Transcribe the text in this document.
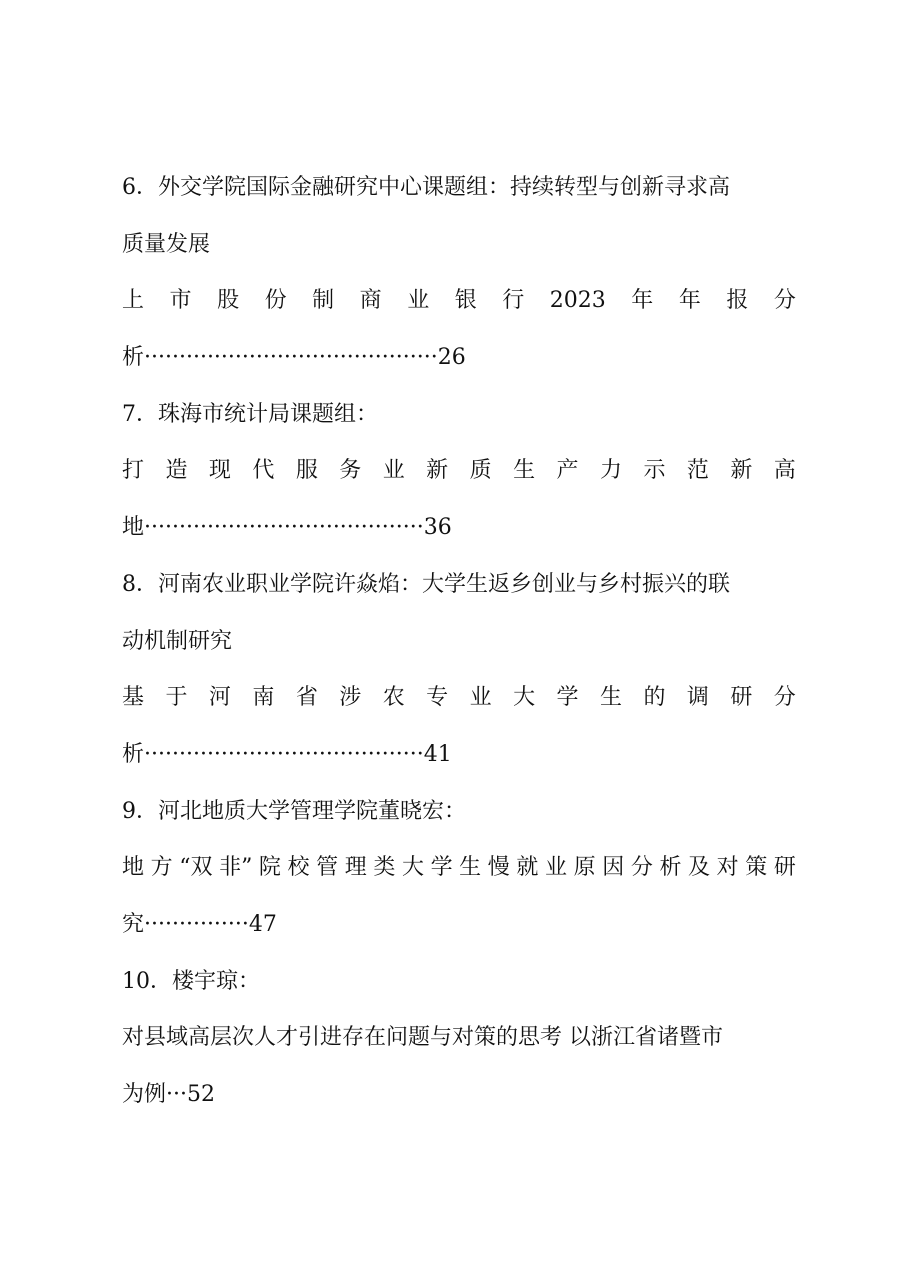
6．外交学院国际金融研究中心课题组：持续转型与创新寻求高
质量发展
上 市 股 份 制 商 业 银 行 2023 年 年 报 分
析··········································26
7．珠海市统计局课题组：
打 造 现 代 服 务 业 新 质 生 产 力 示 范 新 高
地········································36
8．河南农业职业学院许焱焰：大学生返乡创业与乡村振兴的联
动机制研究
基 于 河 南 省 涉 农 专 业 大 学 生 的 调 研 分
析········································41
9．河北地质大学管理学院董晓宏：
地 方 “双 非” 院 校 管 理 类 大 学 生 慢 就 业 原 因 分 析 及 对 策 研
究···············47
10．楼宇琼：
对县域高层次人才引进存在问题与对策的思考 以浙江省诸暨市
为例···52
